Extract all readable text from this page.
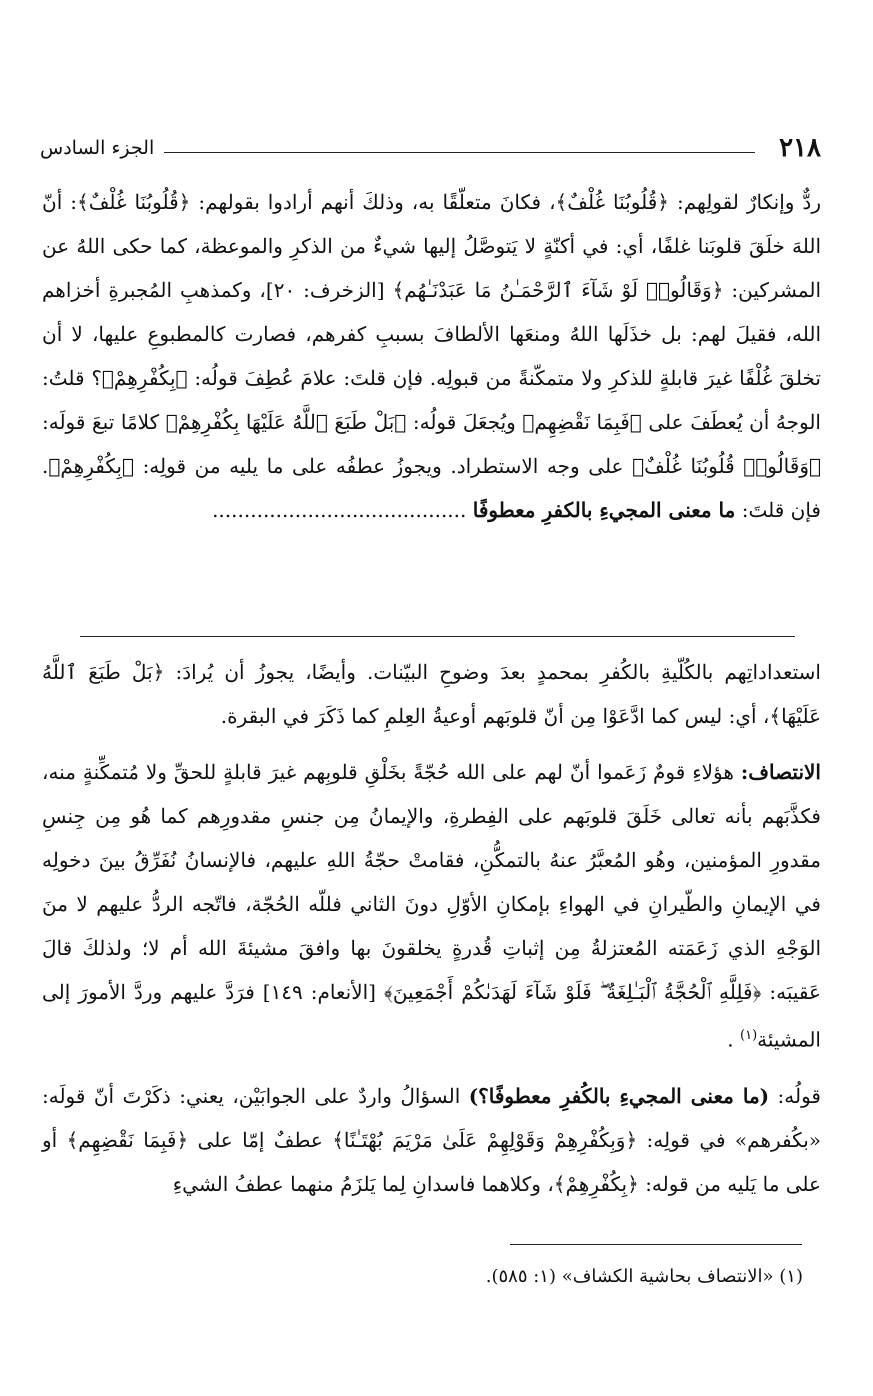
٢١٨
الجزء السادس

ردٌّ وإنكارٌ لقولِهم: ﴿قُلُوبُنَا غُلْفٌ﴾، فكانَ متعلّقًا به، وذلكَ أنهم أرادوا بقولهم: ﴿قُلُوبُنَا غُلْفٌ﴾: أنّ اللهَ خلَقَ قلوبَنا غلفًا، أي: في أكنّةٍ لا يَتوصَّلُ إليها شيءٌ من الذكرِ والموعظة، كما حكى اللهُ عن المشركين: ﴿وَقَالُوا۟ لَوْ شَآءَ ٱلرَّحْمَـٰنُ مَا عَبَدْنَـٰهُم﴾ [الزخرف: ٢٠]، وكمذهبِ المُجبرةِ أخزاهم الله، فقيلَ لهم: بل خذَلَها اللهُ ومنعَها الألطافَ بسببِ كفرهم، فصارت كالمطبوعِ عليها، لا أن تخلقَ غُلْفًا غيرَ قابلةٍ للذكرِ ولا متمكّنةً من قبولِه. فإن قلتَ: علامَ عُطِفَ قولُه: ﴿بِكُفْرِهِمْ﴾؟ قلتُ: الوجهُ أن يُعطَفَ على ﴿فَبِمَا نَقْضِهِم﴾ ويُجعَلَ قولُه: ﴿بَلْ طَبَعَ ٱللَّهُ عَلَيْهَا بِكُفْرِهِمْ﴾ كلامًا تبعَ قولَه: ﴿وَقَالُوا۟ قُلُوبُنَا غُلْفٌ﴾ على وجه الاستطراد. ويجوزُ عطفُه على ما يليه من قولِه: ﴿بِكُفْرِهِمْ﴾. فإن قلتَ: ما معنى المجيءِ بالكفرِ معطوفًا ........................................

استعداداتِهم بالكُلّيةِ بالكُفرِ بمحمدٍ بعدَ وضوحِ البيّنات. وأيضًا، يجوزُ أن يُرادَ: ﴿بَلْ طَبَعَ ٱللَّهُ عَلَيْهَا﴾، أي: ليس كما ادَّعَوْا مِن أنّ قلوبَهم أوعيةُ العِلمِ كما ذَكَرَ في البقرة.

الانتصاف: هؤلاءِ قومٌ زَعَموا أنّ لهم على الله حُجّةً بخَلْقِ قلوبِهم غيرَ قابلةٍ للحقِّ ولا مُتمكِّنةٍ منه، فكذَّبَهم بأنه تعالى خَلَقَ قلوبَهم على الفِطرةِ، والإيمانُ مِن جنسِ مقدورِهم كما هُو مِن جِنسِ مقدورِ المؤمنين، وهُو المُعبَّرُ عنهُ بالتمكُّنِ، فقامتْ حجّةُ اللهِ عليهم، فالإنسانُ نُفَرِّقُ بينَ دخولِه في الإيمانِ والطّيرانِ في الهواءِ بإمكانِ الأوّلِ دونَ الثاني فللّه الحُجّة، فاتّجه الردُّ عليهم لا منَ الوَجْهِ الذي زَعَمَته المُعتزلةُ مِن إثباتِ قُدرةٍ يخلقونَ بها وافقَ مشيئةَ الله أم لا؛ ولذلكَ قالَ عَقيبَه: ﴿فَلِلَّهِ ٱلْحُجَّةُ ٱلْبَـٰلِغَةُ ۖ فَلَوْ شَآءَ لَهَدَىٰكُمْ أَجْمَعِينَ﴾ [الأنعام: ١٤٩] فرَدَّ عليهم وردَّ الأمورَ إلى المشيئة$^{(١)}$ .

قولُه: (ما معنى المجيءِ بالكُفرِ معطوفًا؟) السؤالُ واردٌ على الجوابَيْن، يعني: ذكَرْتَ أنّ قولَه: «بكُفرهم» في قولِه: ﴿وَبِكُفْرِهِمْ وَقَوْلِهِمْ عَلَىٰ مَرْيَمَ بُهْتَـٰنًا﴾ عطفٌ إمّا على ﴿فَبِمَا نَقْضِهِم﴾ أو على ما يَليه من قوله: ﴿بِكُفْرِهِمْ﴾، وكلاهما فاسدانِ لِما يَلزَمُ منهما عطفُ الشيءِ

(١) «الانتصاف بحاشية الكشاف» (١: ٥٨٥).
